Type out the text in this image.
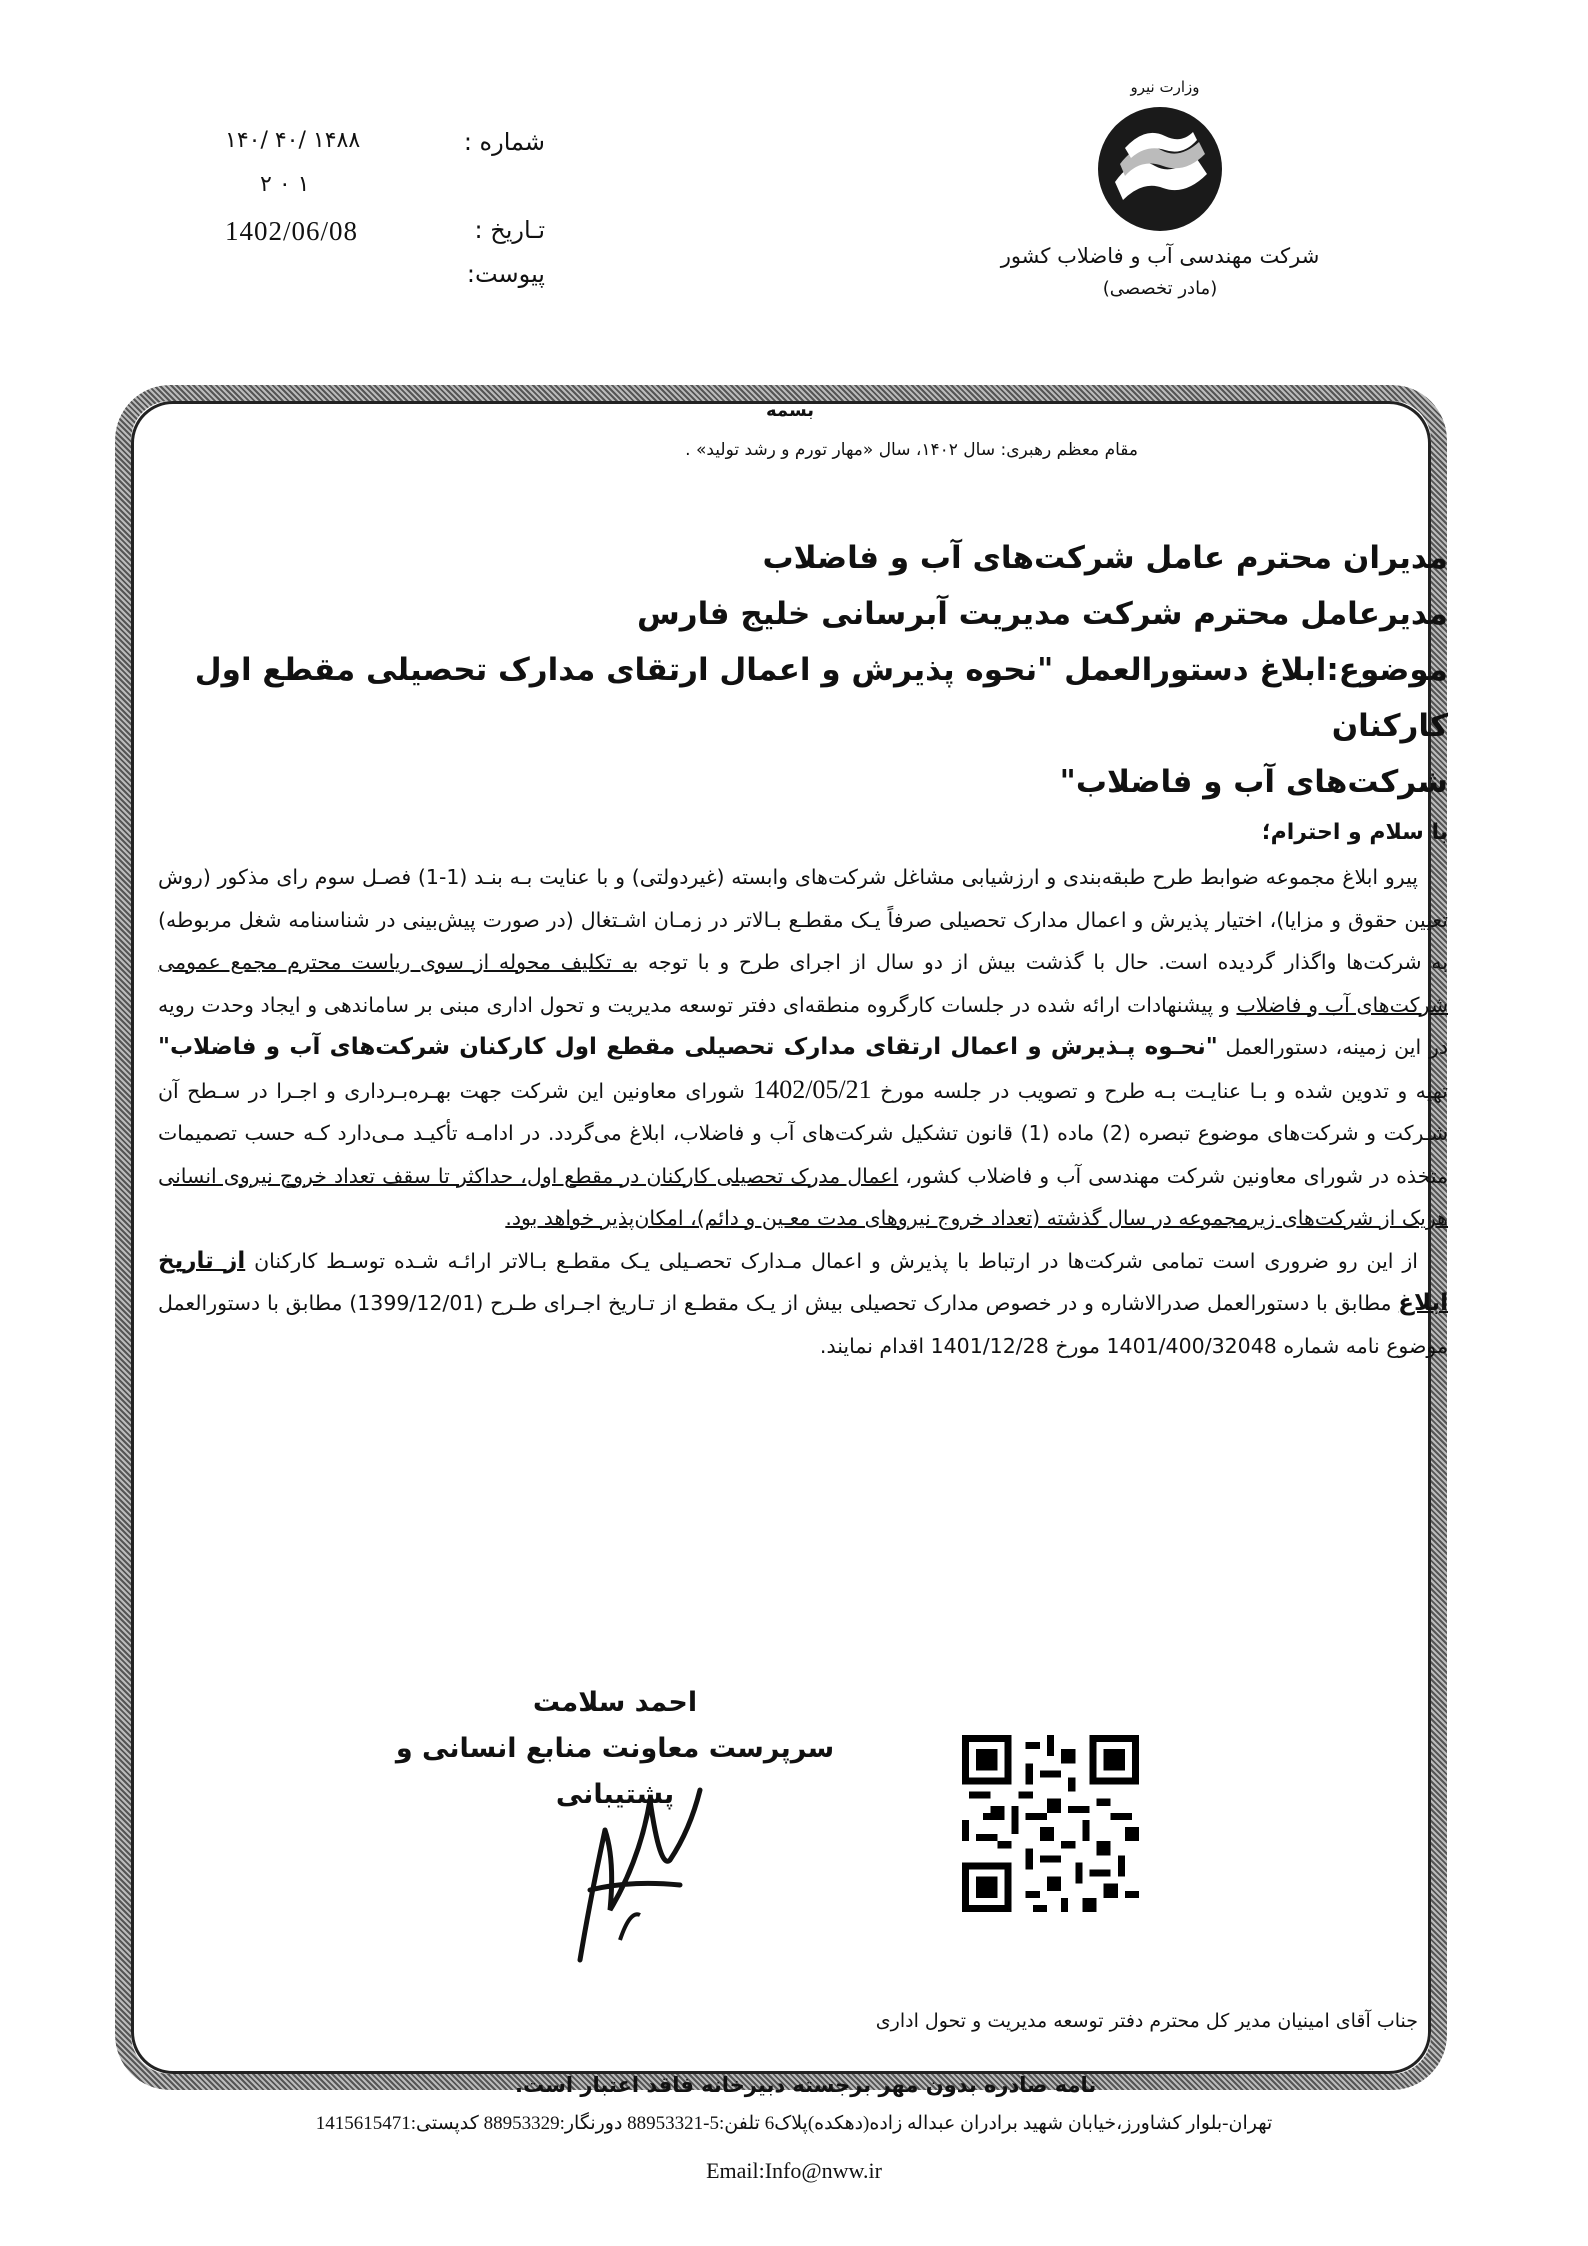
شماره :
۱۴۸۸ /۴۰ /۱۴۰
۱ ۰ ۲
تـاریخ :
1402/06/08
پیوست:
وزارت نیرو
شرکت مهندسی آب و فاضلاب کشور
(مادر تخصصی)
بسمه
مقام معظم رهبری: سال ۱۴۰۲، سال «مهار تورم و رشد تولید» .
مدیران محترم عامل شرکت‌های آب و فاضلاب
مدیرعامل محترم شرکت مدیریت آبرسانی خلیج فارس
موضوع:ابلاغ دستورالعمل "نحوه پذیرش و اعمال ارتقای مدارک تحصیلی مقطع اول کارکنان
شرکت‌های آب و فاضلاب"
با سلام و احترام؛

پیرو ابلاغ مجموعه ضوابط طرح طبقه‌بندی و ارزشیابی مشاغل شرکت‌های وابسته (غیردولتی) و با عنایت بـه بنـد (1-1) فصـل سوم رای مذکور (روش تعیین حقوق و مزایا)، اختیار پذیرش و اعمال مدارک تحصیلی صرفاً یـک مقطـع بـالاتر در زمـان اشـتغال (در صورت پیش‌بینی در شناسنامه شغل مربوطه) به شرکت‌ها واگذار گردیده است. حال با گذشت بیش از دو سال از اجرای طرح و با توجه به تکلیف محوله از سوی ریاست محترم مجمع عمومی شرکت‌های آب و فاضلاب و پیشنهادات ارائه شده در جلسات کارگروه منطقه‌ای دفتر توسعه مدیریت و تحول اداری مبنی بر ساماندهی و ایجاد وحدت رویه در این زمینه، دستورالعمل "نحـوه پـذیرش و اعمال ارتقای مدارک تحصیلی مقطع اول کارکنان شرکت‌های آب و فاضلاب" تهیه و تدوین شده و بـا عنایـت بـه طرح و تصویب در جلسه مورخ 1402/05/21 شورای معاونین این شرکت جهت بهـره‌بـرداری و اجـرا در سـطح آن شـرکت و شرکت‌های موضوع تبصره (2) ماده (1) قانون تشکیل شرکت‌های آب و فاضلاب، ابلاغ می‌گردد. در ادامـه تأکیـد مـی‌دارد کـه حسب تصمیمات متخذه در شورای معاونین شرکت مهندسی آب و فاضلاب کشور، اعمال مدرک تحصیلی کارکنان در مقطع اول، حداکثر تا سقف تعداد خروج نیروی انسانی هریک از شرکت‌های زیرمجموعه در سال گذشته (تعداد خروج نیروهای مدت معـین و دائم)، امکان‌پذیر خواهد بود.

از این رو ضروری است تمامی شرکت‌ها در ارتباط با پذیرش و اعمال مـدارک تحصـیلی یـک مقطـع بـالاتر ارائـه شـده توسـط کارکنان از تاریخ ابلاغ مطابق با دستورالعمل صدرالاشاره و در خصوص مدارک تحصیلی بیش از یـک مقطـع از تـاریخ اجـرای طـرح (1399/12/01) مطابق با دستورالعمل موضوع نامه شماره 1401/400/32048 مورخ 1401/12/28 اقدام نمایند.

احمد سلامت
سرپرست معاونت منابع انسانی و پشتیبانی
جناب آقای امینیان مدیر کل محترم دفتر توسعه مدیریت و تحول اداری
نامه صادره بدون مهر برجسته دبیرخانه فاقد اعتبار است.
تهران-بلوار کشاورز،خیابان شهید برادران عبداله زاده(دهکده)پلاک6 تلفن:5-88953321 دورنگار:88953329 کدپستی:1415615471
Email:Info@nww.ir
